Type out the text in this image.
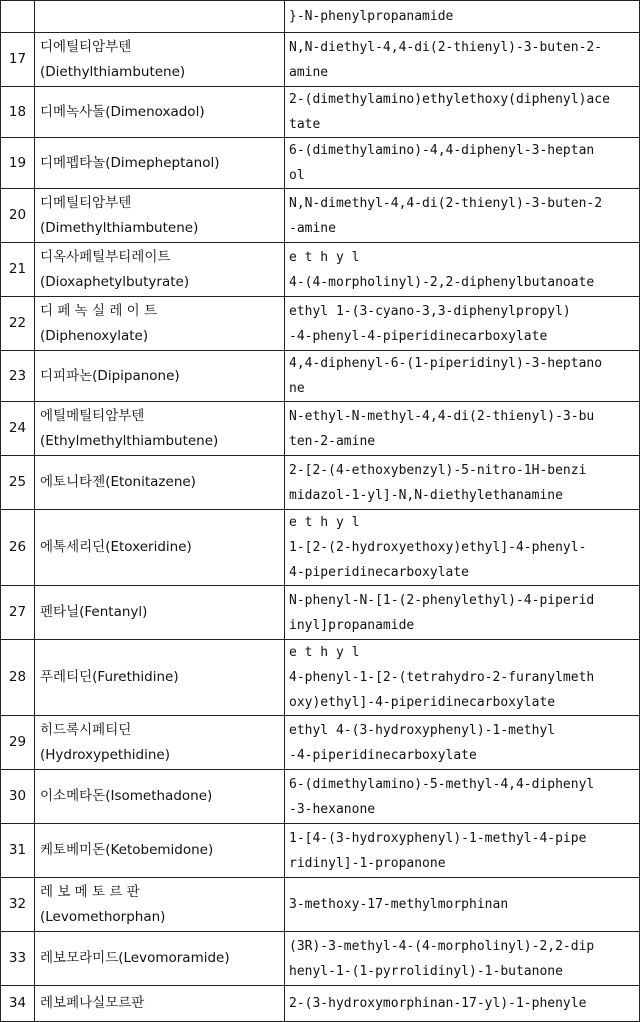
		}-N-phenylpropanamide

17	디에틸티암부텐
(Diethylthiambutene)	N,N-diethyl-4,4-di(2-thienyl)-3-buten-2-
amine

18	디메녹사돌(Dimenoxadol)	2-(dimethylamino)ethylethoxy(diphenyl)ace
tate

19	디메펩타놀(Dimepheptanol)	6-(dimethylamino)-4,4-diphenyl-3-heptan
ol

20	디메틸티암부텐
(Dimethylthiambutene)	N,N-dimethyl-4,4-di(2-thienyl)-3-buten-2
-amine

21	디옥사페틸부티레이트
(Dioxaphetylbutyrate)	e t h y l
4-(4-morpholinyl)-2,2-diphenylbutanoate

22	디 페 녹 실 레 이 트
(Diphenoxylate)	ethyl 1-(3-cyano-3,3-diphenylpropyl)
-4-phenyl-4-piperidinecarboxylate

23	디피파논(Dipipanone)	4,4-diphenyl-6-(1-piperidinyl)-3-heptano
ne

24	에틸메틸티암부텐
(Ethylmethylthiambutene)	N-ethyl-N-methyl-4,4-di(2-thienyl)-3-bu
ten-2-amine

25	에토니타젠(Etonitazene)	2-[2-(4-ethoxybenzyl)-5-nitro-1H-benzi
midazol-1-yl]-N,N-diethylethanamine

26	에톡세리딘(Etoxeridine)	e t h y l
1-[2-(2-hydroxyethoxy)ethyl]-4-phenyl-
4-piperidinecarboxylate

27	펜타닐(Fentanyl)	N-phenyl-N-[1-(2-phenylethyl)-4-piperid
inyl]propanamide

28	푸레티딘(Furethidine)	e t h y l
4-phenyl-1-[2-(tetrahydro-2-furanylmeth
oxy)ethyl]-4-piperidinecarboxylate

29	히드록시페티딘
(Hydroxypethidine)	ethyl 4-(3-hydroxyphenyl)-1-methyl
-4-piperidinecarboxylate

30	이소메타돈(Isomethadone)	6-(dimethylamino)-5-methyl-4,4-diphenyl
-3-hexanone

31	케토베미돈(Ketobemidone)	1-[4-(3-hydroxyphenyl)-1-methyl-4-pipe
ridinyl]-1-propanone

32	레 보 메 토 르 판
(Levomethorphan)	3-methoxy-17-methylmorphinan

33	레보모라미드(Levomoramide)	(3R)-3-methyl-4-(4-morpholinyl)-2,2-dip
henyl-1-(1-pyrrolidinyl)-1-butanone

34	레보페나실모르판	2-(3-hydroxymorphinan-17-yl)-1-phenyle
